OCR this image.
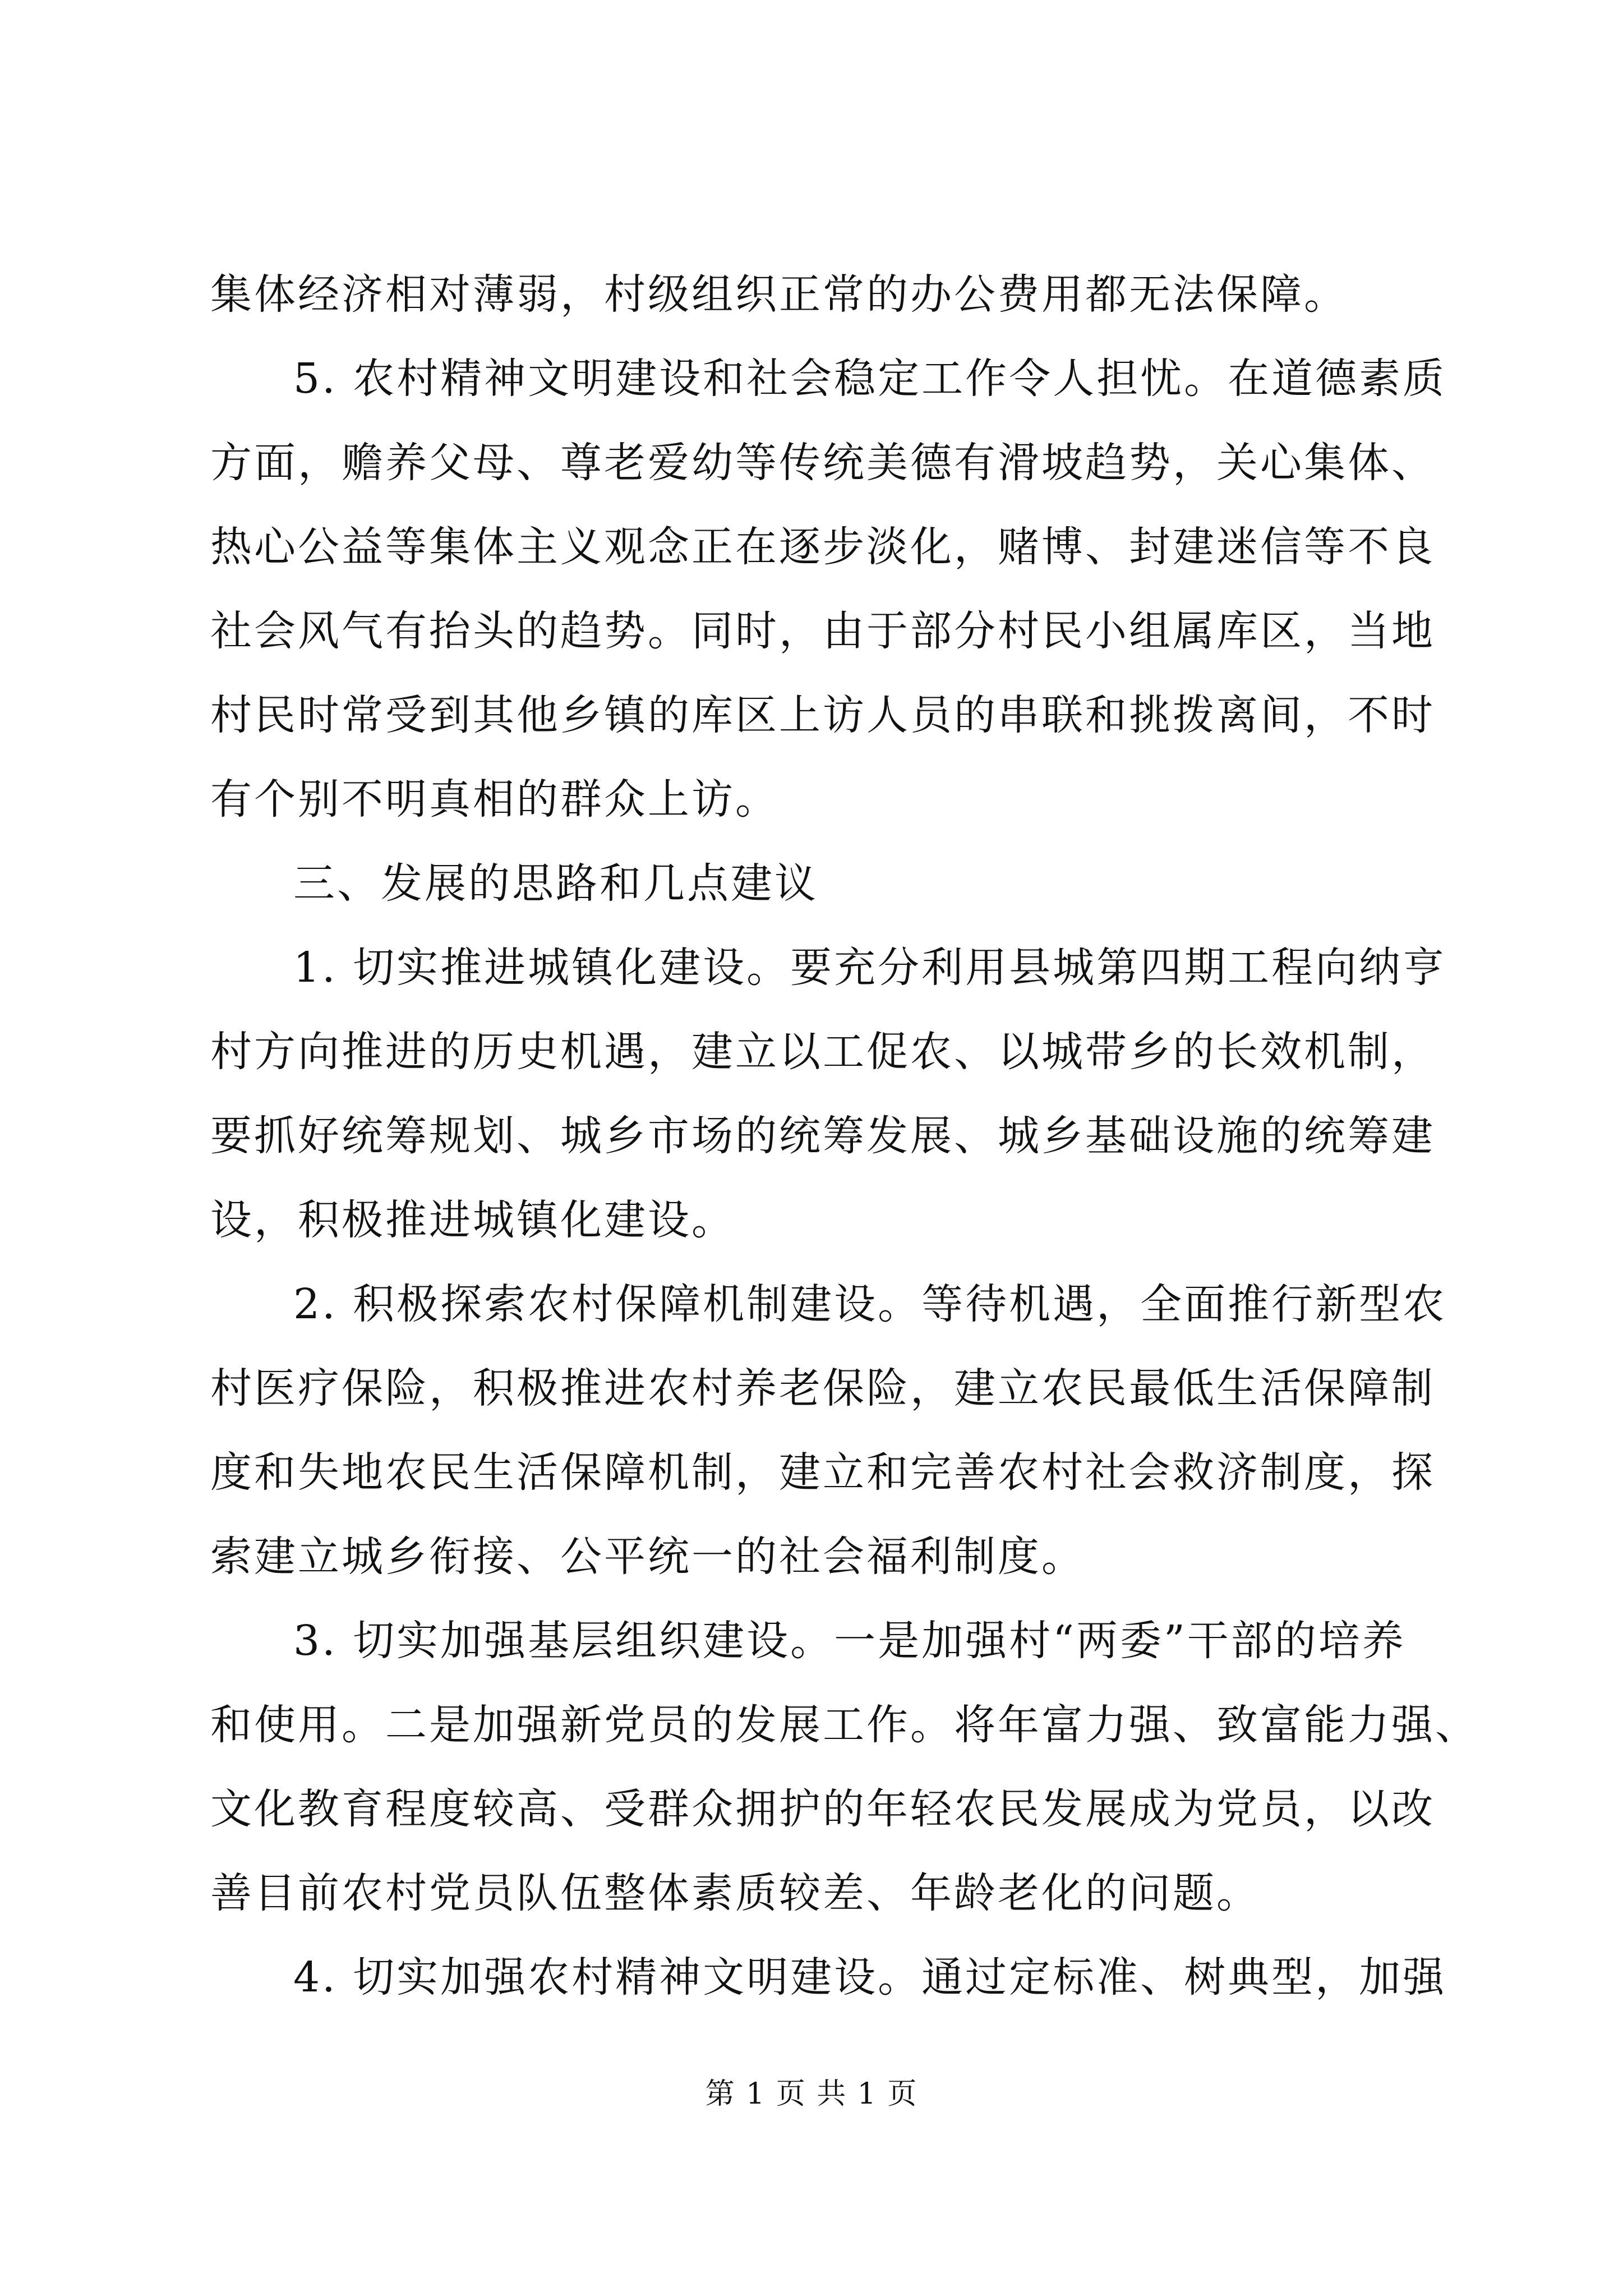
集体经济相对薄弱，村级组织正常的办公费用都无法保障。
5. 农村精神文明建设和社会稳定工作令人担忧。在道德素质
方面，赡养父母、尊老爱幼等传统美德有滑坡趋势，关心集体、
热心公益等集体主义观念正在逐步淡化，赌博、封建迷信等不良
社会风气有抬头的趋势。同时，由于部分村民小组属库区，当地
村民时常受到其他乡镇的库区上访人员的串联和挑拨离间，不时
有个别不明真相的群众上访。
三、发展的思路和几点建议
1. 切实推进城镇化建设。要充分利用县城第四期工程向纳亨
村方向推进的历史机遇，建立以工促农、以城带乡的长效机制，
要抓好统筹规划、城乡市场的统筹发展、城乡基础设施的统筹建
设，积极推进城镇化建设。
2. 积极探索农村保障机制建设。等待机遇，全面推行新型农
村医疗保险，积极推进农村养老保险，建立农民最低生活保障制
度和失地农民生活保障机制，建立和完善农村社会救济制度，探
索建立城乡衔接、公平统一的社会福利制度。
3. 切实加强基层组织建设。一是加强村“两委”干部的培养
和使用。二是加强新党员的发展工作。将年富力强、致富能力强、
文化教育程度较高、受群众拥护的年轻农民发展成为党员，以改
善目前农村党员队伍整体素质较差、年龄老化的问题。
4. 切实加强农村精神文明建设。通过定标准、树典型，加强
第 1 页 共 1 页
